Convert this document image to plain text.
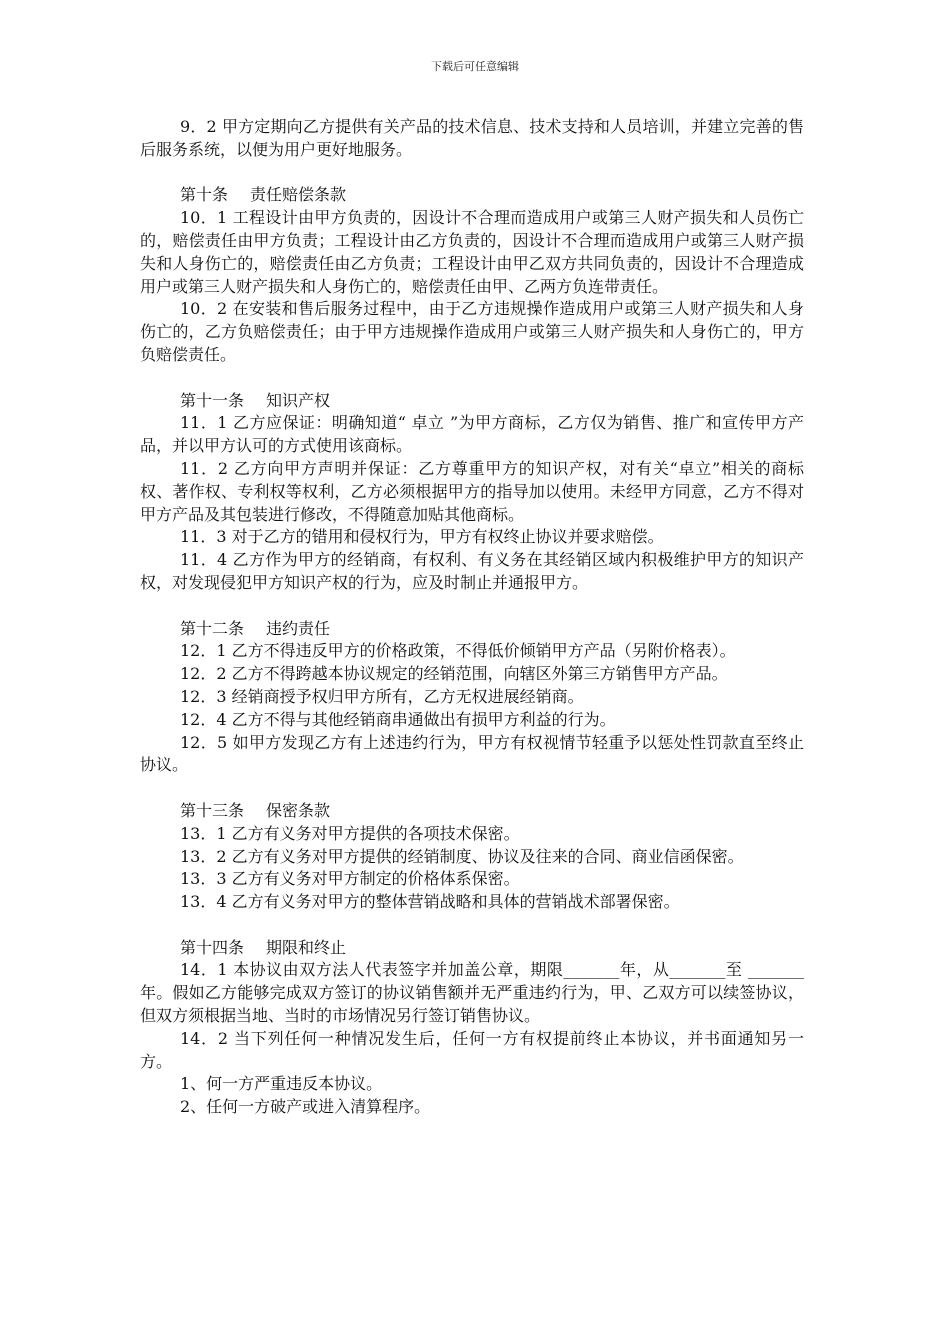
下载后可任意编辑

9．2 甲方定期向乙方提供有关产品的技术信息、技术支持和人员培训，并建立完善的售后服务系统，以便为用户更好地服务。

第十条 责任赔偿条款

10．1 工程设计由甲方负责的，因设计不合理而造成用户或第三人财产损失和人员伤亡的，赔偿责任由甲方负责；工程设计由乙方负责的，因设计不合理而造成用户或第三人财产损失和人身伤亡的，赔偿责任由乙方负责；工程设计由甲乙双方共同负责的，因设计不合理造成用户或第三人财产损失和人身伤亡的，赔偿责任由甲、乙两方负连带责任。

10．2 在安装和售后服务过程中，由于乙方违规操作造成用户或第三人财产损失和人身伤亡的，乙方负赔偿责任；由于甲方违规操作造成用户或第三人财产损失和人身伤亡的，甲方负赔偿责任。

第十一条 知识产权

11．1 乙方应保证：明确知道“ 卓立 ”为甲方商标，乙方仅为销售、推广和宣传甲方产品，并以甲方认可的方式使用该商标。

11．2 乙方向甲方声明并保证：乙方尊重甲方的知识产权，对有关“卓立”相关的商标权、著作权、专利权等权利，乙方必须根据甲方的指导加以使用。未经甲方同意，乙方不得对甲方产品及其包装进行修改，不得随意加贴其他商标。

11．3 对于乙方的错用和侵权行为，甲方有权终止协议并要求赔偿。

11．4 乙方作为甲方的经销商，有权利、有义务在其经销区域内积极维护甲方的知识产权，对发现侵犯甲方知识产权的行为，应及时制止并通报甲方。

第十二条 违约责任

12．1 乙方不得违反甲方的价格政策，不得低价倾销甲方产品（另附价格表）。

12．2 乙方不得跨越本协议规定的经销范围，向辖区外第三方销售甲方产品。

12．3 经销商授予权归甲方所有，乙方无权进展经销商。

12．4 乙方不得与其他经销商串通做出有损甲方利益的行为。

12．5 如甲方发现乙方有上述违约行为，甲方有权视情节轻重予以惩处性罚款直至终止协议。

第十三条 保密条款

13．1 乙方有义务对甲方提供的各项技术保密。

13．2 乙方有义务对甲方提供的经销制度、协议及往来的合同、商业信函保密。

13．3 乙方有义务对甲方制定的价格体系保密。

13．4 乙方有义务对甲方的整体营销战略和具体的营销战术部署保密。

第十四条 期限和终止

14．1 本协议由双方法人代表签字并加盖公章，期限_______年，从_______至 _______年。假如乙方能够完成双方签订的协议销售额并无严重违约行为，甲、乙双方可以续签协议，但双方须根据当地、当时的市场情况另行签订销售协议。

14．2 当下列任何一种情况发生后，任何一方有权提前终止本协议，并书面通知另一方。

1、何一方严重违反本协议。

2、任何一方破产或进入清算程序。
